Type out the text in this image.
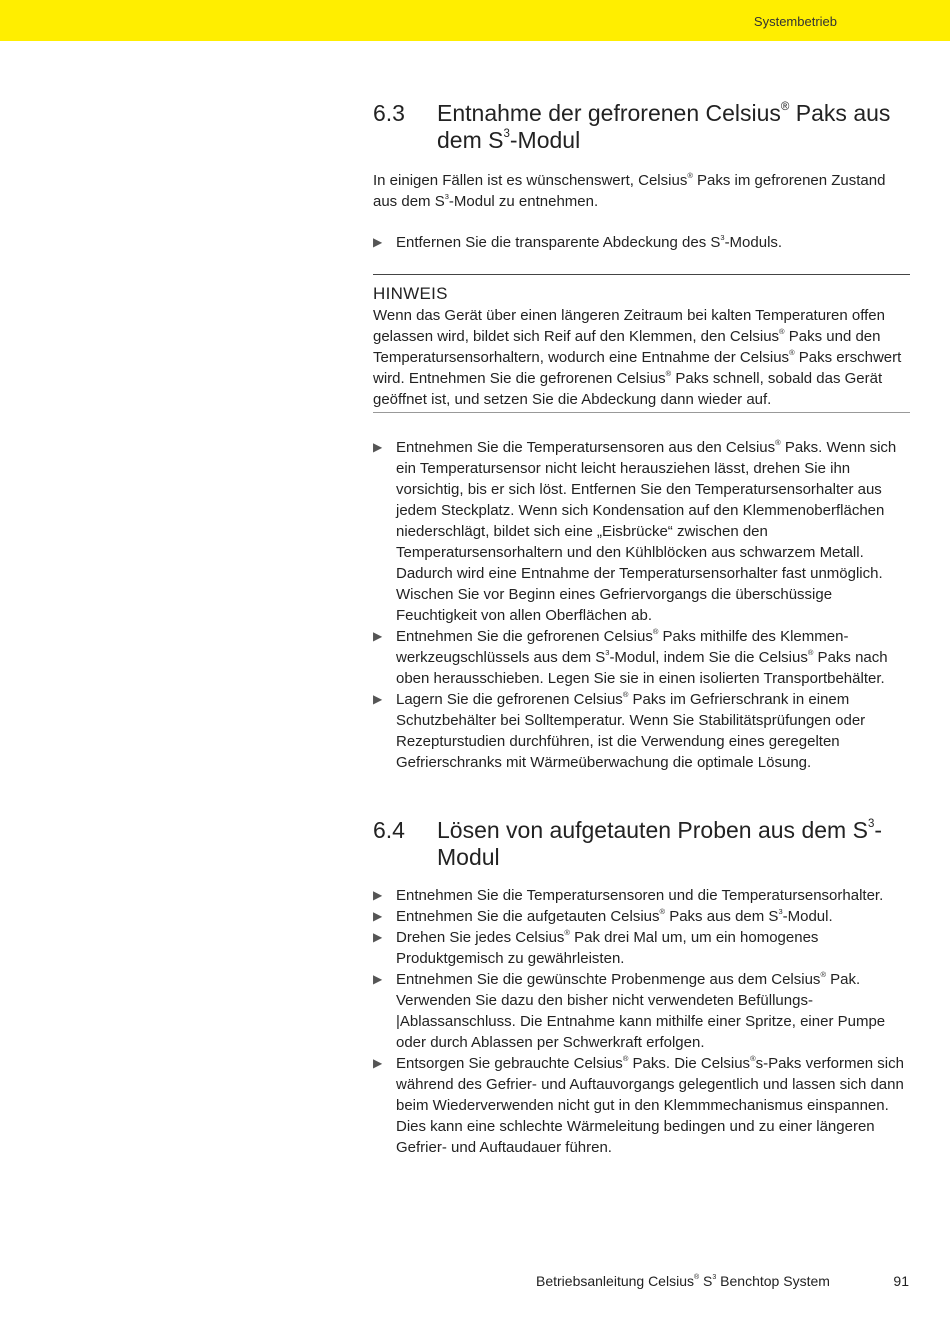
Systembetrieb
6.3	Entnahme der gefrorenen Celsius® Paks aus dem $S^3$-Modul

In einigen Fällen ist es wünschenswert, Celsius® Paks im gefrorenen Zustand aus dem $S^3$-Modul zu entnehmen.

▶ Entfernen Sie die transparente Abdeckung des $S^3$-Moduls.
HINWEIS

Wenn das Gerät über einen längeren Zeitraum bei kalten Temperaturen offen gelassen wird, bildet sich Reif auf den Klemmen, den Celsius® Paks und den Temperatursensorhaltern, wodurch eine Entnahme der Celsius® Paks erschwert wird. Entnehmen Sie die gefrorenen Celsius® Paks schnell, sobald das Gerät geöffnet ist, und setzen Sie die Abdeckung dann wieder auf.

▶ Entnehmen Sie die Temperatursensoren aus den Celsius® Paks. Wenn sich ein Temperatursensor nicht leicht herausziehen lässt, drehen Sie ihn vorsichtig, bis er sich löst. Entfernen Sie den Temperatursensorhalter aus jedem Steckplatz. Wenn sich Kondensation auf den Klemmenoberflächen niederschlägt, bildet sich eine „Eisbrücke“ zwischen den Temperatursensorhaltern und den Kühlblöcken aus schwarzem Metall. Dadurch wird eine Entnahme der Temperatursensorhalter fast unmöglich. Wischen Sie vor Beginn eines Gefriervorgangs die überschüssige Feuchtigkeit von allen Oberflächen ab.
▶ Entnehmen Sie die gefrorenen Celsius® Paks mithilfe des Klemmenwerkzeugschlüssels aus dem $S^3$-Modul, indem Sie die Celsius® Paks nach oben herausschieben. Legen Sie sie in einen isolierten Transportbehälter.
▶ Lagern Sie die gefrorenen Celsius® Paks im Gefrierschrank in einem Schutzbehälter bei Solltemperatur. Wenn Sie Stabilitätsprüfungen oder Rezepturstudien durchführen, ist die Verwendung eines geregelten Gefrierschranks mit Wärmeüberwachung die optimale Lösung.
6.4	Lösen von aufgetauten Proben aus dem $S^3$-Modul
▶ Entnehmen Sie die Temperatursensoren und die Temperatursensorhalter.
▶ Entnehmen Sie die aufgetauten Celsius® Paks aus dem $S^3$-Modul.
▶ Drehen Sie jedes Celsius® Pak drei Mal um, um ein homogenes Produktgemisch zu gewährleisten.
▶ Entnehmen Sie die gewünschte Probenmenge aus dem Celsius® Pak. Verwenden Sie dazu den bisher nicht verwendeten Befüllungs-|Ablassanschluss. Die Entnahme kann mithilfe einer Spritze, einer Pumpe oder durch Ablassen per Schwerkraft erfolgen.
▶ Entsorgen Sie gebrauchte Celsius® Paks. Die Celsius®s-Paks verformen sich während des Gefrier- und Auftauvorgangs gelegentlich und lassen sich dann beim Wiederverwenden nicht gut in den Klemmmechanismus einspannen. Dies kann eine schlechte Wärmeleitung bedingen und zu einer längeren Gefrier- und Auftaudauer führen.
Betriebsanleitung Celsius® $S^3$ Benchtop System	91
